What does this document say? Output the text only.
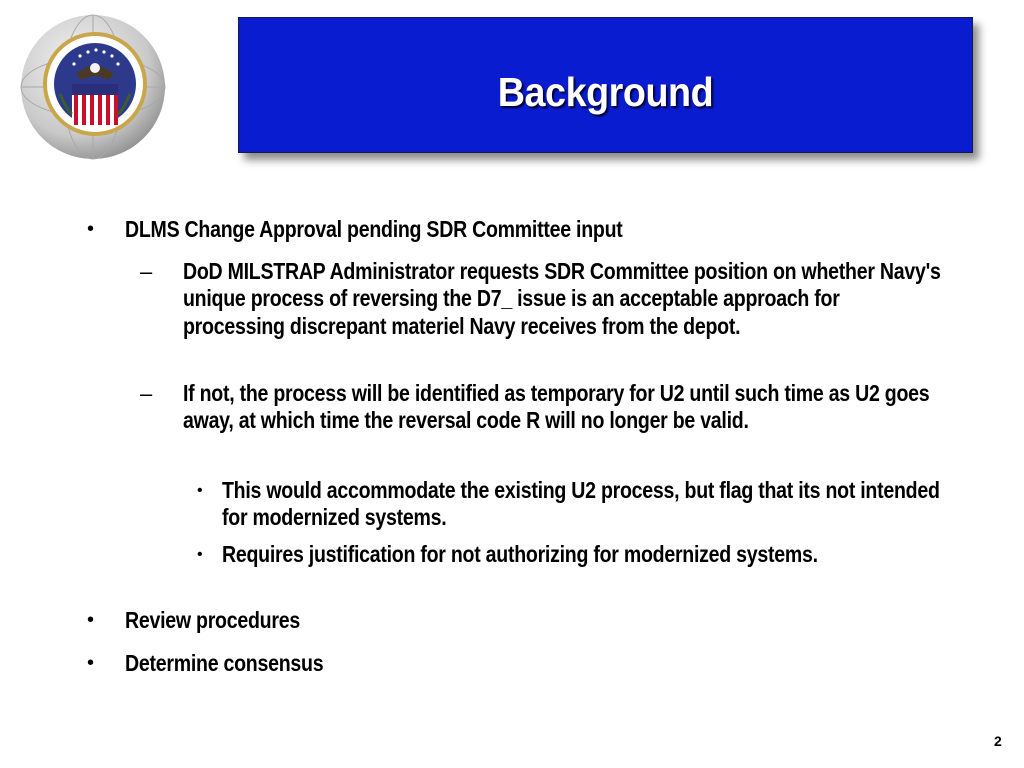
Background
• DLMS Change Approval pending SDR Committee input
– DoD MILSTRAP Administrator requests SDR Committee position on whether Navy's unique process of reversing the D7_ issue is an acceptable approach for processing discrepant materiel Navy receives from the depot.
– If not, the process will be identified as temporary for U2 until such time as U2 goes away, at which time the reversal code R will no longer be valid.
• This would accommodate the existing U2 process, but flag that its not intended for modernized systems.
• Requires justification for not authorizing for modernized systems.
• Review procedures
• Determine consensus
2
